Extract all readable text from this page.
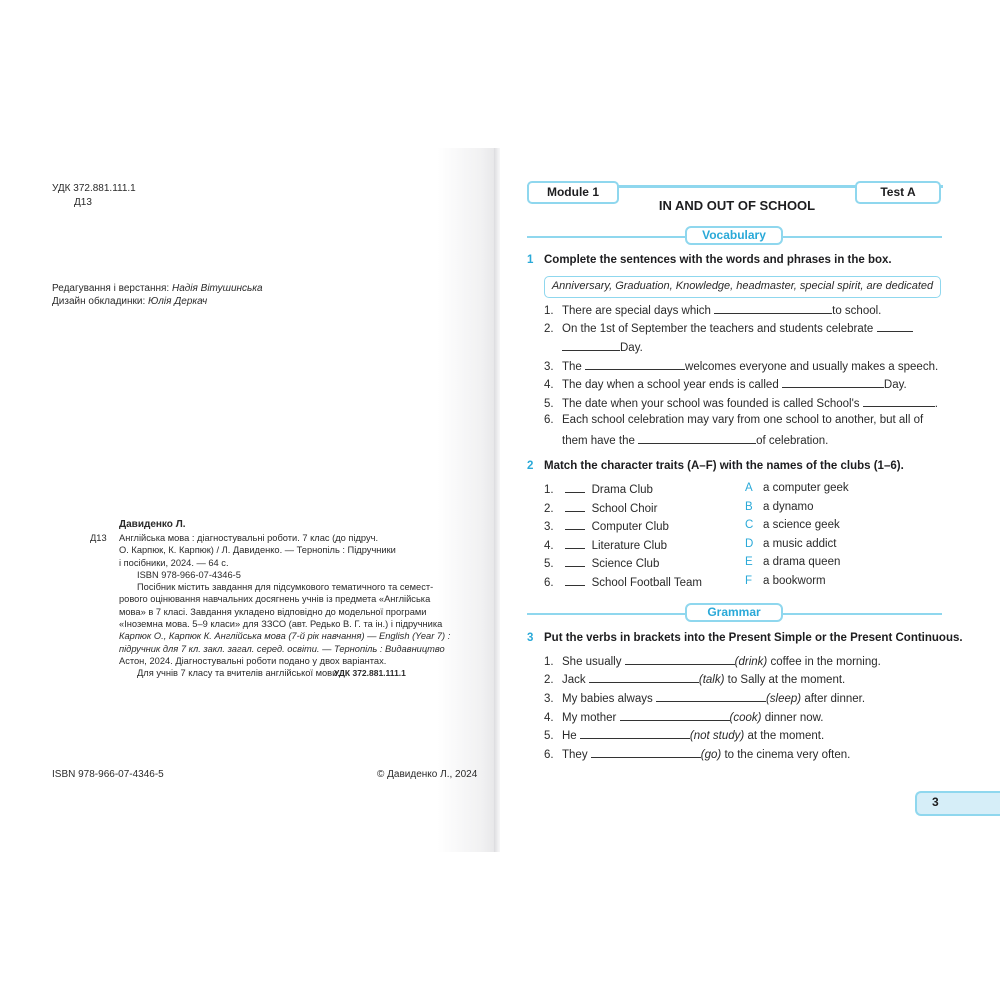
УДК 372.881.111.1
Д13
Редагування і верстання: Надія Вітушинська
Дизайн обкладинки: Юлія Деркач
Д13
Давиденко Л.
Англійська мова : діагностувальні роботи. 7 клас (до підруч.
О. Карпюк, К. Карпюк) / Л. Давиденко. — Тернопіль : Підручники
і посібники, 2024. — 64 с.
ISBN 978-966-07-4346-5
Посібник містить завдання для підсумкового тематичного та семест-
рового оцінювання навчальних досягнень учнів із предмета «Англійська
мова» в 7 класі. Завдання укладено відповідно до модельної програми
«Іноземна мова. 5–9 класи» для ЗЗСО (авт. Редько В. Г. та ін.) і підручника
Карпюк О., Карпюк К. Англійська мова (7-й рік навчання) — English (Year 7) :
підручник для 7 кл. закл. загал. серед. освіти. — Тернопіль : Видавництво
Астон, 2024. Діагностувальні роботи подано у двох варіантах.
Для учнів 7 класу та вчителів англійської мови.
УДК 372.881.111.1
ISBN 978-966-07-4346-5	© Давиденко Л., 2024
Module 1	Test A
IN AND OUT OF SCHOOL
Vocabulary
1 Complete the sentences with the words and phrases in the box.
Anniversary, Graduation, Knowledge, headmaster, special spirit, are dedicated
1. There are special days which	to school.
2. On the 1st of September the teachers and students celebrate
Day.
3. The	welcomes everyone and usually makes a speech.
4. The day when a school year ends is called	Day.
5. The date when your school was founded is called School's	.
6. Each school celebration may vary from one school to another, but all of
them have the	of celebration.
2 Match the character traits (A–F) with the names of the clubs (1–6).
1.	Drama Club
2.	School Choir
3.	Computer Club
4.	Literature Club
5.	Science Club
6.	School Football Team
A a computer geek
B a dynamo
C a science geek
D a music addict
E a drama queen
F a bookworm
Grammar
3 Put the verbs in brackets into the Present Simple or the Present Continuous.
1. She usually	(drink) coffee in the morning.
2. Jack	(talk) to Sally at the moment.
3. My babies always	(sleep) after dinner.
4. My mother	(cook) dinner now.
5. He	(not study) at the moment.
6. They	(go) to the cinema very often.
3
